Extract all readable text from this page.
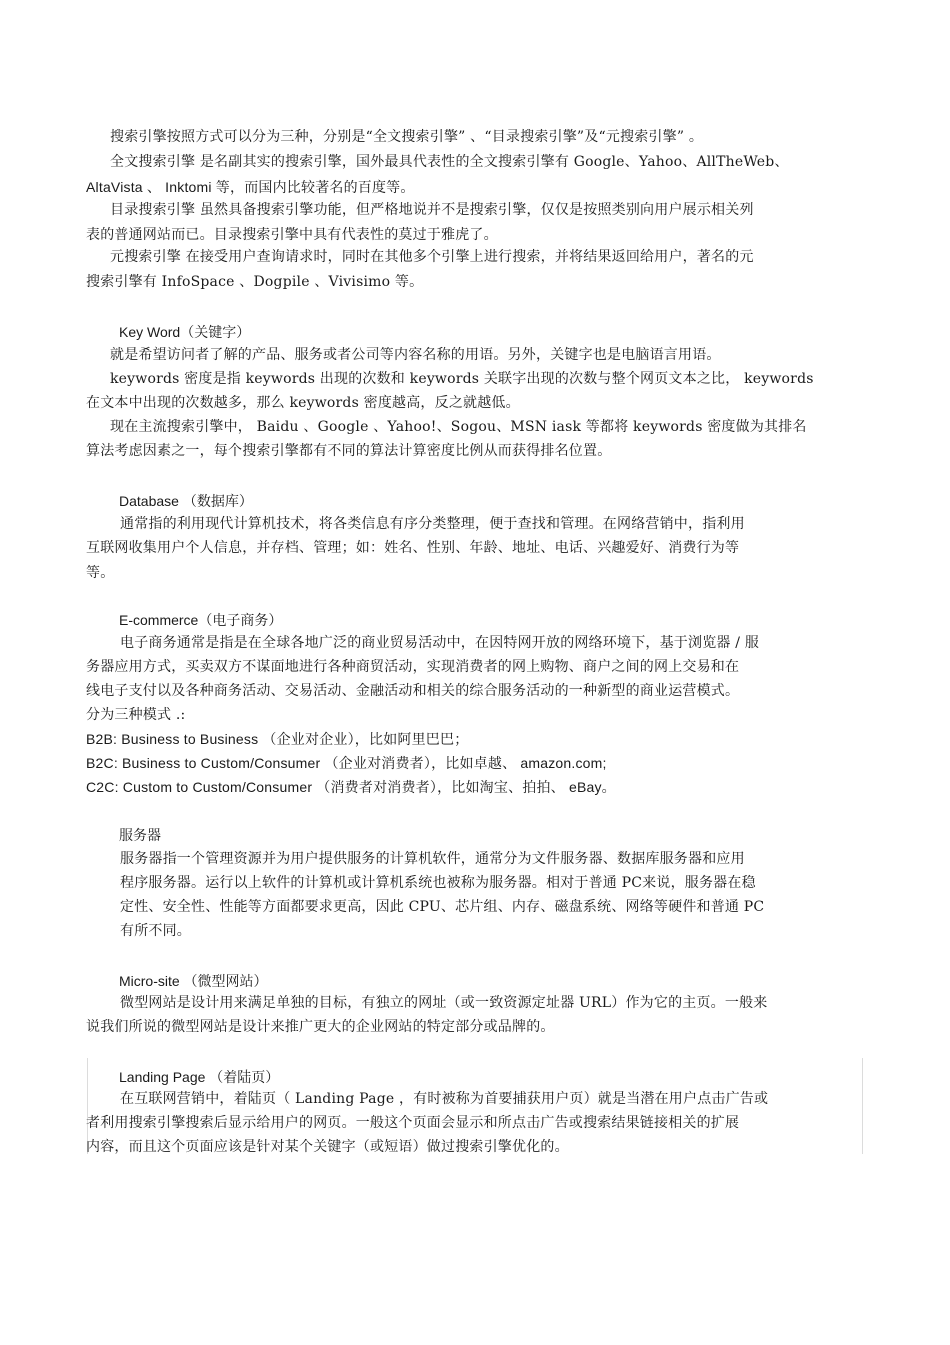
搜索引擎按照方式可以分为三种，分别是“全文搜索引擎” 、“目录搜索引擎”及“元搜索引擎” 。
全文搜索引擎 是名副其实的搜索引擎，国外最具代表性的全文搜索引擎有 Google、Yahoo、AllTheWeb、
AltaVista 、 Inktomi 等，而国内比较著名的百度等。
目录搜索引擎 虽然具备搜索引擎功能，但严格地说并不是搜索引擎，仅仅是按照类别向用户展示相关列
表的普通网站而已。目录搜索引擎中具有代表性的莫过于雅虎了。
元搜索引擎 在接受用户查询请求时，同时在其他多个引擎上进行搜索，并将结果返回给用户，著名的元
搜索引擎有 InfoSpace 、Dogpile 、Vivisimo 等。
Key Word（关键字）
就是希望访问者了解的产品、服务或者公司等内容名称的用语。另外，关键字也是电脑语言用语。
keywords 密度是指 keywords 出现的次数和 keywords 关联字出现的次数与整个网页文本之比， keywords
在文本中出现的次数越多，那么 keywords 密度越高，反之就越低。
现在主流搜索引擎中， Baidu 、Google 、Yahoo!、Sogou、MSN iask 等都将 keywords 密度做为其排名
算法考虑因素之一，每个搜索引擎都有不同的算法计算密度比例从而获得排名位置。
Database （数据库）
通常指的利用现代计算机技术，将各类信息有序分类整理，便于查找和管理。在网络营销中，指利用
互联网收集用户个人信息，并存档、管理；如：姓名、性别、年龄、地址、电话、兴趣爱好、消费行为等
等。
E-commerce（电子商务）
电子商务通常是指是在全球各地广泛的商业贸易活动中，在因特网开放的网络环境下，基于浏览器 / 服
务器应用方式，买卖双方不谋面地进行各种商贸活动，实现消费者的网上购物、商户之间的网上交易和在
线电子支付以及各种商务活动、交易活动、金融活动和相关的综合服务活动的一种新型的商业运营模式。
分为三种模式 .:
B2B: Business to Business （企业对企业），比如阿里巴巴；
B2C: Business to Custom/Consumer （企业对消费者），比如卓越、 amazon.com;
C2C: Custom to Custom/Consumer （消费者对消费者），比如淘宝、拍拍、 eBay。
服务器
服务器指一个管理资源并为用户提供服务的计算机软件，通常分为文件服务器、数据库服务器和应用
程序服务器。运行以上软件的计算机或计算机系统也被称为服务器。相对于普通 PC来说，服务器在稳
定性、安全性、性能等方面都要求更高，因此 CPU、芯片组、内存、磁盘系统、网络等硬件和普通 PC
有所不同。
Micro-site （微型网站）
微型网站是设计用来满足单独的目标，有独立的网址（或一致资源定址器 URL）作为它的主页。一般来
说我们所说的微型网站是设计来推广更大的企业网站的特定部分或品牌的。
Landing Page （着陆页）
在互联网营销中，着陆页（ Landing Page ，有时被称为首要捕获用户页）就是当潜在用户点击广告或
者利用搜索引擎搜索后显示给用户的网页。一般这个页面会显示和所点击广告或搜索结果链接相关的扩展
内容，而且这个页面应该是针对某个关键字（或短语）做过搜索引擎优化的。
